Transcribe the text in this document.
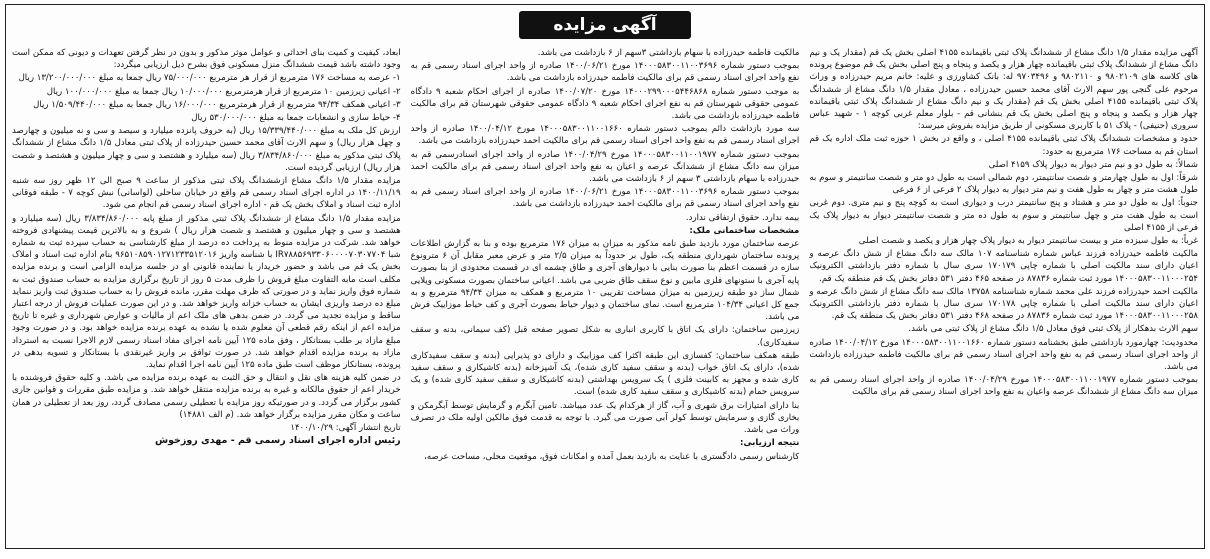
آگهی مزایده

آگهی مزایده مقدار ۱/۵ دانگ مشاع از ششدانگ پلاک ثبتی باقیمانده ۴۱۵۵ اصلی بخش یک قم (مقدار یک و نیم دانگ مشاع از ششدانگ پلاک ثبتی باقیمانده چهار هزار و یکصد و پنجاه و پنج اصلی بخش یک قم موضوع پرونده های کلاسه های ۹۸۰۲۱۰۹ و ۹۸۰۲۱۱۰ و ۹۷۰۳۴۹۶ له: بانک کشاورزی و علیه: خانم مریم حیدرزاده و وراث مرحوم علی گنجی پور سهم الارث آقای محمد حسین حیدرزاده ، معادل مقدار ۱/۵ دانگ مشاع از ششدانگ پلاک ثبتی باقیمانده ۴۱۵۵ اصلی بخش یک قم (مقدار یک و نیم دانگ مشاع از ششدانگ پلاک ثبتی باقیمانده چهار هزار و یکصد و پنجاه و پنج اصلی بخش یک قم بنشانی قم - بلوار معلم غربی کوچه ۱ - شهید عباس سروری (حنیفی) - پلاک ۵۱ با کاربری مسکونی از طریق مزایده بفروش میرسد:

حدود و مشخصات ششدانگ پلاک ثبتی باقیمانده ۴۱۵۵ اصلی ، و واقع در بخش ۱ حوزه ثبت ملک اداره یک قم استان قم به مساحت ۱۷۶ مترمربع به حدود:

شمالاً: به طول دو و نیم متر دیوار به دیوار پلاک ۴۱۵۹ اصلی

شرقاً: اول به طول چهارمتر و شصت سانتیمتر، دوم شمالی است به طول دو متر و شصت سانتیمتر و سوم به طول هشت متر و چهار به طول هفت و نیم متر دیوار به دیوار پلاک ۲ فرعی از ۶ فرعی

جنوباً: اول به طول دو متر و هشتاد و پنج سانتیمتر درب و دیواری است به کوچه پنج و نیم متری. دوم غربی است به طول هفت متر و چهل سانتیمتر و سوم به طول ده متر و شصت سانتیمتر دیوار به دیوار پلاک یک فرعی از ۴۱۵۵ اصلی

غرباً: به طول سیزده متر و بیست سانتیمتر دیوار به دیوار پلاک چهار هزار و یکصد و شصت اصلی

مالکیت فاطمه حیدرزاده فرزند عباس شماره شناسنامه ۱۰۷ مالک سه دانگ مشاع از شش دانگ عرصه و اعیان دارای سند مالکیت اصلی با شماره چاپی ۱۷۰۱۷۹ سری سال با شماره دفتر بازداشتی الکترونیک ۱۴۰۰۰۵۸۳۰۰۱۱۰۰۰۲۵۴ مورد ثبت شماره ۸۷۸۳۶ در صفحه ۴۶۵ دفتر ۵۳۱ دفاتر بخش یک قم منطقه یک قم.

مالکیت احمد حیدرزاده فرزند علی محمد شماره شناسنامه ۱۳۷۵۸ مالک سه دانگ مشاع از شش دانگ عرصه و اعیان دارای سند مالکیت اصلی با شماره چاپی ۱۷۰۱۷۸ سری سال با شماره دفتر بازداشتی الکترونیک ۱۴۰۰۰۵۸۳۰۰۱۱۰۰۰۲۵۸ مورد ثبت شماره ۸۷۸۳۶ در صفحه ۴۶۸ دفتر ۵۳۱ دفاتر بخش یک منطقه یک قم.

سهم الارث بدهکار از پلاک ثبتی فوق معادل ۱/۵ دانگ مشاع از پلاک ثبتی می باشد.

محدودیت: چهارمورد بازداشتی طبق بخشنامه دستور شماره ۱۴۰۰۰۵۸۳۰۰۱۱۰۰۱۶۶۰ مورخ ۱۴۰۰/۰۴/۱۲ صادره از واحد اجرای اسناد رسمی قم به نفع واحد اجرای اسناد رسمی قم برای مالکیت فاطمه حیدرزاده بازداشت می باشد.

بموجب دستور شماره ۱۴۰۰۰۵۸۳۰۰۱۱۰۰۱۹۷۷ مورخ ۱۴۰۰/۰۴/۲۹ صادره از واحد اجرای اسناد رسمی قم به میزان سه دانگ مشاع از ششدانگ عرصه واعیان به نفع واحد اجرای اسناد رسمی قم برای مالکیت

مالکیت فاطمه حیدرزاده با سهام بازداشتی ۳سهم از ۶ بازداشت می باشد.

بموجب دستور شماره ۱۴۰۰۰۵۸۳۰۰۱۱۰۰۳۶۹۶ مورخ ۱۴۰۰/۰۶/۲۱ صادره از واحد اجرای اسناد رسمی قم به نفع واحد اجرای اسناد رسمی قم برای مالکیت فاطمه حیدرزاده بازداشت می باشد.

به موجب دستور شماره ۱۴۰۰۰۲۹۹۰۰۰۵۴۴۶۸۶۸ مورخ ۱۴۰۰/۰۷/۲۰ صادره از اجرای احکام شعبه ۹ دادگاه عمومی حقوقی شهرستان قم به نفع اجرای احکام شعبه ۹ دادگاه عمومی حقوقی شهرستان قم برای مالکیت فاطمه حیدرزاده بازداشت می باشد.

سه مورد بازداشت دائم بموجب دستور شماره ۱۴۰۰۰۵۸۳۰۰۱۱۰۰۱۶۶۰ مورخ ۱۴۰۰/۰۴/۱۲ صادره از واحد اجرای اسناد رسمی قم به نفع واحد اجرای اسناد رسمی قم برای مالکیت احمد حیدرزاده بازداشت می باشد.

بموجب دستور شماره ۱۴۰۰۰۵۸۳۰۰۱۱۰۰۱۹۷۷ مورخ ۱۴۰۰/۰۴/۲۹ صادره از واحد اجرای اسنادرسمی قم به میزان سه دانگ مشاع از ششدانگ عرصه و اعیان به نفع واحد اجرای اسناد رسمی قم برای مالکیت احمد حیدرزاده با سهام بازداشتی ۳ سهم از ۶ بازداشت می باشد.

بموجب دستور شماره ۱۴۰۰۰۵۸۳۰۰۱۱۰۰۳۶۹۶ مورخ ۱۴۰۰/۰۶/۲۱ صادره از واحد اجرای اسناد رسمی قم به نفع واحد اجرای اسناد رسمی قم برای مالکیت احمد حیدرزاده بازداشت می باشد.

بیمه ندارد. حقوق ارتفاقی ندارد.

مشخصات ساختمانی ملک:

عرصه ساختمان مورد بازدید طبق نامه مذکور به میزان به میزان ۱۷۶ مترمربع بوده و بنا به گزارش اطلاعات پرونده ساختمان شهرداری منطقه یک، طول بر حدوداً به میزان ۲/۵ متر و عرض معبر مقابل آن ۶ مترونوع سازه در قسمت اعظم بنا صورت بنایی با دیوارهای آجری و طاق چشمه ای در قسمت محدودی از بنا بصورت پایه آجری با ستونهای فلزی مابین و نوع سقف طاق ضربی می باشد. اعیانی ساختمان بصورت مسکونی ویلایی شمال ساز دو طبقه زیرزمین به میزان مساحت تقریبی ۱۰ مترمربع و همکف به میزان ۹۴/۳۴ مترمربع و به جمع کل اعیانی ۱۰۴/۳۴ مترمربع است. نمای ساختمان و دیوار حیاط بصورت آجری و کف حیاط موزاییک فرش می باشد.

زیرزمین ساختمان: دارای یک اتاق با کاربری انباری به شکل تصویر صفحه قبل (کف سیمانی، بدنه و سقف سفیدکاری).

طبقه همکف ساختمان: کفسازی این طبقه اکثرا کف موزاییک و دارای دو پذیرایی (بدنه و سقف سفیدکاری شده)، دارای یک اتاق خواب (بدنه و سقف سفید کاری شده)، یک آشپزخانه (بدنه کاشیکاری و سقف سفید کاری شده و مجهز به کابینت فلزی ) یک سرویس بهداشتی (بدنه کاشیکاری و سقف سفید کاری شده) و یک سرویس حمام (بدنه کاشیکاری و سقف سفید کاری شده) است.

بنا دارای امتیازات برق شهری و آب، گاز از هرکدام یک عدد میباشد. تامین آبگرم و گرمایش توسط آبگرمکن و بخاری گازی و سرمایش توسط کولر آبی صورت می گیرد. با توجه به قدمت فوق مالکین اولیه ملک در تصرف وراث می باشد.

نتیجه ارزیابی:

کارشناس رسمی دادگستری با عنایت به بازدید بعمل آمده و امکانات فوق، موقعیت محلی، مساحت عرصه،

ابعاد، کیفیت و کمیت بنای احداثی و عوامل موثر مذکور و بدون در نظر گرفتن تعهدات و دیونی که ممکن است وجود داشته باشد قیمت ششدانگ منزل مسکونی فوق بشرح ذیل ارزیابی میگردد:

۱- عرصه به مساحت ۱۷۶ مترمربع از قرار هر مترمربع ۷۵/۰۰۰/۰۰۰ ریال جمعا به مبلغ ۱۳/۲۰۰/۰۰۰/۰۰۰ ریال

۲- اعیانی زیرزمین ۱۰ مترمربع از قرار هرمترمربع ۱۰/۰۰۰/۰۰۰ ریال جمعا به مبلغ ۱۰۰/۰۰۰/۰۰۰ ریال

۳- اعیانی همکف ۹۴/۳۴ مترمربع از قرار هرمترمربع ۱۶/۰۰۰/۰۰۰ ریال جمعا به مبلغ ۱/۵۰۹/۴۴۰/۰۰۰ ریال

۴- حیاط سازی و انشعابات جمعا به مبلغ ۵۳۰/۰۰۰/۰۰۰ ریال

ارزش کل ملک به مبلغ ۱۵/۳۳۹/۴۴۰/۰۰۰ ریال (به حروف پانزده میلیارد و سیصد و سی و نه میلیون و چهارصد و چهل هزار ریال) و سهم الارث آقای محمد حسین حیدرزاده از پلاک ثبتی معادل ۱/۵ دانگ مشاع از ششدانگ پلاک ثبتی مذکور به مبلغ ۳/۸۳۴/۸۶۰/۰۰۰ ریال (سه میلیارد و هشتصد و سی و چهار میلیون و هشتصد و شصت هزار ریال) ارزیابی گردیده است.

مزایده مقدار ۱/۵ دانگ مشاع ازششدانگ پلاک ثبتی مذکور از ساعت ۹ صبح الی ۱۲ ظهر روز سه شنبه ۱۴۰۰/۱۱/۱۹ در اداره اجرای اسناد رسمی قم واقع در خیابان ساحلی (لواسانی) نبش کوچه ۷ - طبقه فوقانی اداره ثبت اسناد و املاک بخش یک قم - اداره اجرای اسناد رسمی قم انجام می شود.

مزایده مقدار ۱/۵ دانگ مشاع از ششدانگ پلاک ثبتی مذکور از مبلغ پایه ۳/۸۳۴/۸۶۰/۰۰۰ ریال (سه میلیارد و هشتصد و سی و چهار میلیون و هشتصد و شصت هزار ریال ) شروع و به بالاترین قیمت پیشنهادی فروخته خواهد شد. شرکت در مزایده منوط به پرداخت ده درصد از مبلغ کارشناسی به حساب سپرده ثبت به شماره شبا IR۷۸۸۵۶۹۳۳۰۶۰۰۰۰۷۰۳۰۷۷۰۴ با شناسه واریز ۹۶۵۱۰۸۵۹۰۱۲۷۱۲۳۳۵۱۲۰۱۶ بنام اداره ثبت اسناد و املاک بخش یک قم می باشد و حضور خریدار یا نماینده قانونی او در جلسه مزایده الزامی است و برنده مزایده مکلف است مابه التفاوت مبلغ فروش را ظرف مدت ۵ روز از تاریخ برگزاری مزایده به حساب صندوق ثبت به شماره فوق واریز نماید و در صورتی که ظرف مهلت مقرر، مانده فروش را به حساب صندوق ثبت واریز ننماید مبلغ ده درصد واریزی ایشان به حساب خزانه واریز خواهد شد. و در این صورت عملیات فروش از درجه اعتبار ساقط و مزایده تجدید می گردد. در ضمن بدهی های ملک اعم از مالیات و عوارض شهرداری و غیره تا تاریخ مزایده اعم از اینکه رقم قطعی آن معلوم شده یا نشده به عهده برنده مزایده خواهد بود. و در صورت وجود مبلغ مازاد بر طلب بستانکار ، وفق ماده ۱۲۵ آیین نامه اجرای مفاد اسناد رسمی لازم الاجرا نسبت به استرداد مازاد به برنده مزایده اقدام خواهد شد. در صورت توافق بر واریز غیرنقدی با بستانکار و تسویه بدهی در پرونده، بستانکار موظف است طبق ماده ۱۲۵ آیین نامه اجرا اقدام نماید.

در ضمن کلیه هزینه های نقل و انتقال و حق الثبت به عهده برنده مزایده می باشد. و کلیه حقوق فروشنده با خریدار اعم از حقوق مالکانه و غیره به برنده مزایده منتقل خواهد شد. و مزایده طبق مقررات و قوانین جاری کشور برگزار می گردد. و در صورتیکه روز مزایده با تعطیلی رسمی مصادف گردد، روز بعد از تعطیلی در همان ساعت و مکان مقرر مزایده برگزار خواهد شد. (م الف ۱۴۸۸۱)

تاریخ انتشار آگهی: ۱۴۰۰/۱۰/۲۹

رئیس اداره اجرای اسناد رسمی قم - مهدی روزخوش
